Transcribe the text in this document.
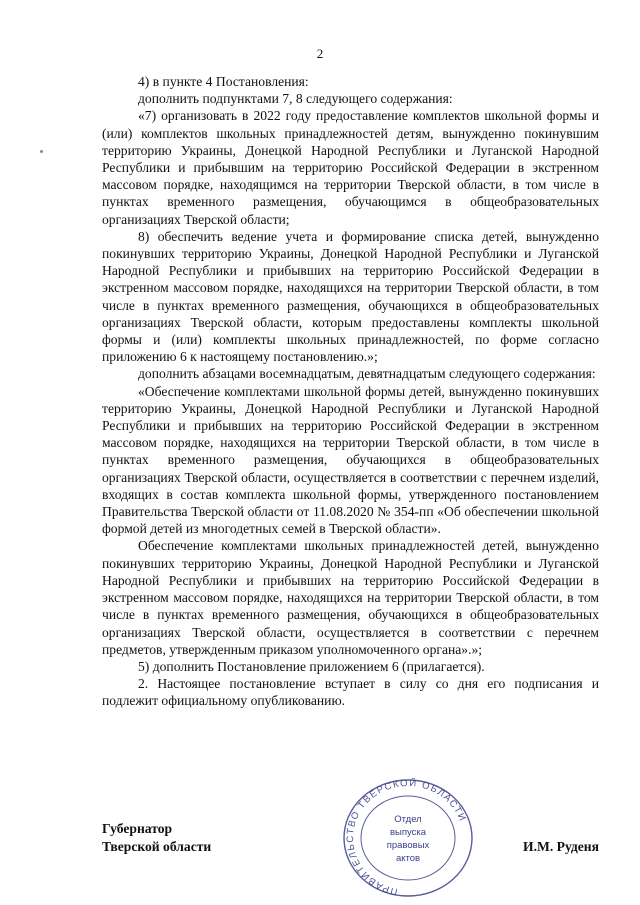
2

4) в пункте 4 Постановления:

дополнить подпунктами 7, 8 следующего содержания:

«7) организовать в 2022 году предоставление комплектов школьной формы и (или) комплектов школьных принадлежностей детям, вынужденно покинувшим территорию Украины, Донецкой Народной Республики и Луганской Народной Республики и прибывшим на территорию Российской Федерации в экстренном массовом порядке, находящимся на территории Тверской области, в том числе в пунктах временного размещения, обучающимся в общеобразовательных организациях Тверской области;

8) обеспечить ведение учета и формирование списка детей, вынужденно покинувших территорию Украины, Донецкой Народной Республики и Луганской Народной Республики и прибывших на территорию Российской Федерации в экстренном массовом порядке, находящихся на территории Тверской области, в том числе в пунктах временного размещения, обучающихся в общеобразовательных организациях Тверской области, которым предоставлены комплекты школьной формы и (или) комплекты школьных принадлежностей, по форме согласно приложению 6 к настоящему постановлению.»;

дополнить абзацами восемнадцатым, девятнадцатым следующего содержания:

«Обеспечение комплектами школьной формы детей, вынужденно покинувших территорию Украины, Донецкой Народной Республики и Луганской Народной Республики и прибывших на территорию Российской Федерации в экстренном массовом порядке, находящихся на территории Тверской области, в том числе в пунктах временного размещения, обучающихся в общеобразовательных организациях Тверской области, осуществляется в соответствии с перечнем изделий, входящих в состав комплекта школьной формы, утвержденного постановлением Правительства Тверской области от 11.08.2020 № 354-пп «Об обеспечении школьной формой детей из многодетных семей в Тверской области».

Обеспечение комплектами школьных принадлежностей детей, вынужденно покинувших территорию Украины, Донецкой Народной Республики и Луганской Народной Республики и прибывших на территорию Российской Федерации в экстренном массовом порядке, находящихся на территории Тверской области, в том числе в пунктах временного размещения, обучающихся в общеобразовательных организациях Тверской области, осуществляется в соответствии с перечнем предметов, утвержденным приказом уполномоченного органа».»;

5) дополнить Постановление приложением 6 (прилагается).

2. Настоящее постановление вступает в силу со дня его подписания и подлежит официальному опубликованию.

Губернатор
Тверской области	И.М. Руденя
ПРАВИТЕЛЬСТВО ТВЕРСКОЙ ОБЛАСТИ
Отдел
выпуска
правовых
актов
